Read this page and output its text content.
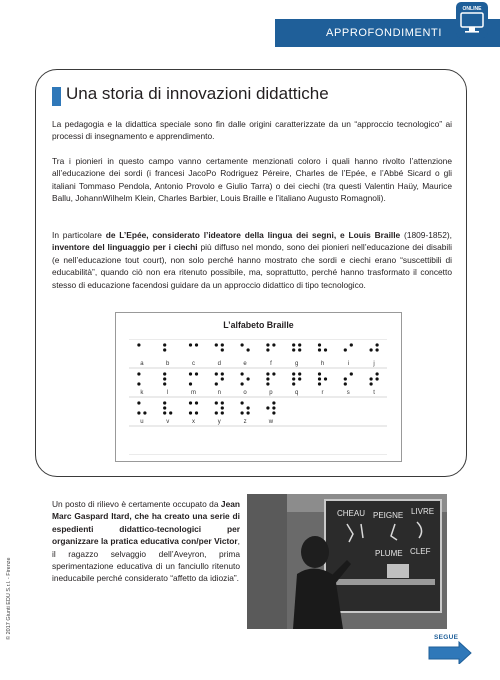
APPROFONDIMENTI
ONLINE
Una storia di innovazioni didattiche

La pedagogia e la didattica speciale sono fin dalle origini caratterizzate da un “approccio tecnologico” ai processi di insegnamento e apprendimento.

Tra i pionieri in questo campo vanno certamente menzionati coloro i quali hanno rivolto l’attenzione all’educazione dei sordi (i francesi JacoPo Rodriguez Péreire, Charles de l’Epée, e l’Abbé Sicard o gli italiani Tommaso Pendola, Antonio Provolo e Giulio Tarra) o dei ciechi (tra questi Valentin Haüy, Maurice Ballu, JohannWilhelm Klein, Charles Barbier, Louis Braille e l’italiano Augusto Romagnoli).

In particolare de L’Epée, considerato l’ideatore della lingua dei segni, e Louis Braille (1809-1852), inventore del linguaggio per i ciechi più diffuso nel mondo, sono dei pionieri nell’educazione dei disabili (e nell’educazione tout court), non solo perché hanno mostrato che sordi e ciechi erano “suscettibili di educabilità”, quando ciò non era ritenuto possibile, ma, soprattutto, perché hanno trasformato il concetto stesso di educazione facendosi guidare da un approccio didattico di tipo tecnologico.

L’alfabeto Braille
a	b	c	d	e	f	g	h	i	j
k	l	m	n	o	p	q	r	s	t
u	v	x	y	z	w
© 2017 Giunti EDU S.r.l. - Firenze

Un posto di rilievo è certamente occupato da Jean Marc Gaspard Itard, che ha creato una serie di espedienti didattico-tecnologici per organizzare la pratica educativa con/per Victor, il ragazzo selvaggio dell’Aveyron, prima sperimentazione educativa di un fanciullo ritenuto ineducabile perché considerato “affetto da idiozia”.

CHEAU PEIGNE LIVRE
PLUME CLEF
SEGUE
